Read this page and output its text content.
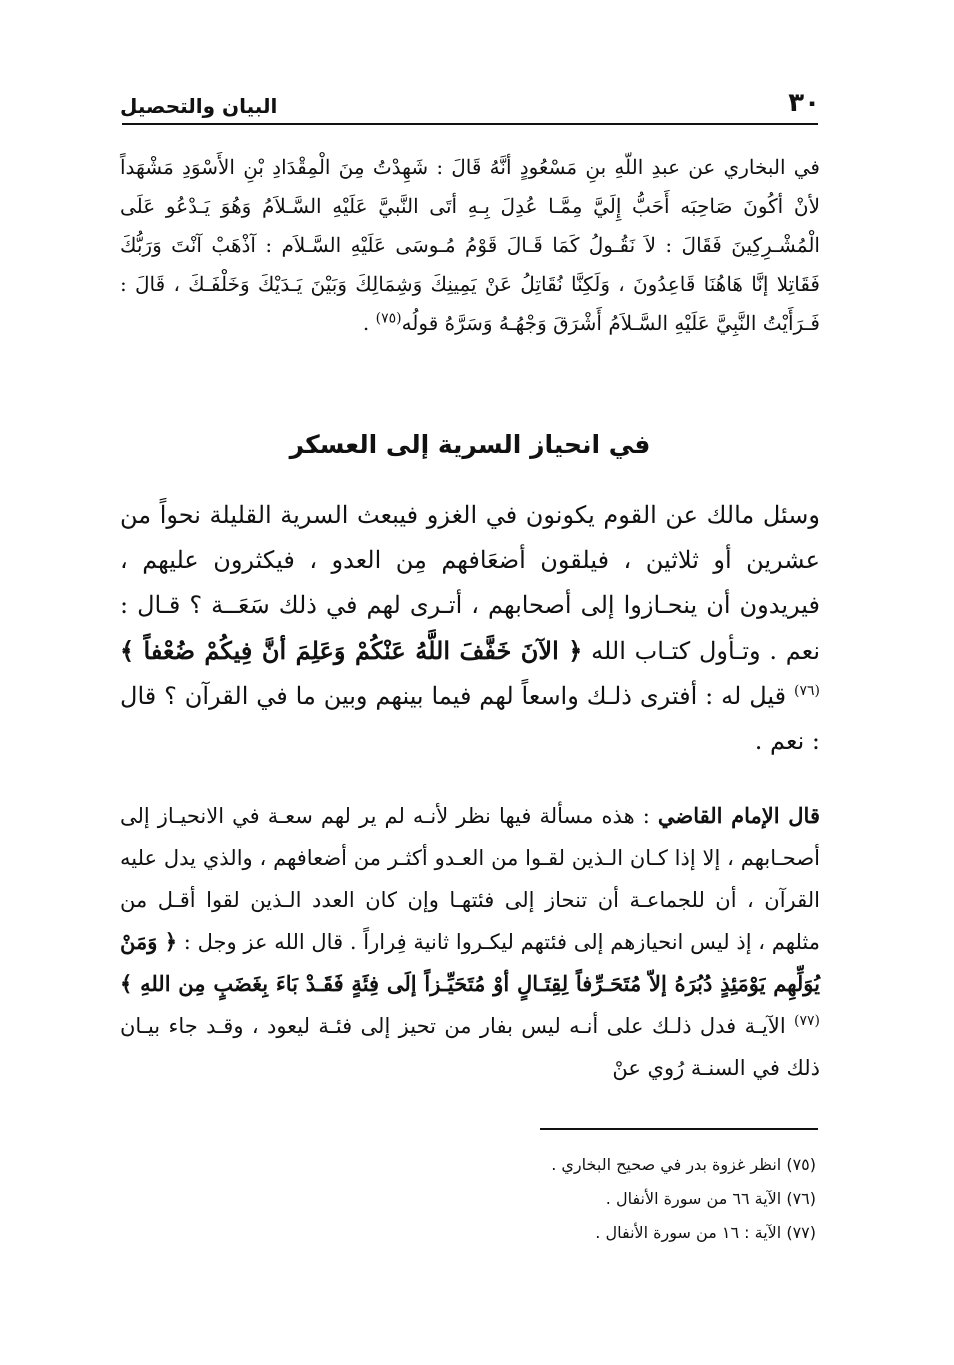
٣٠
البيان والتحصيل
في البخاري عن عبدِ اللّهِ بنِ مَسْعُودٍ أنَّهُ قَالَ : شَهِدْتُ مِنَ الْمِقْدَادِ بْنِ الأَسْوَدِ مَشْهَداً لأنْ أكُونَ صَاحِبَه أَحَبُّ إِلَيَّ مِمَّـا عُدِلَ بِـهِ أتَى النَّبيَّ عَلَيْهِ السَّـلاَمُ وَهُوَ يَـدْعُو عَلَى الْمُشْـرِكِينَ فَقَالَ : لاَ نَقُـولُ كَمَا قَـالَ قَوْمُ مُـوسَى عَلَيْهِ السَّـلاَم : آذْهَبْ آنْتَ وَرَبُّكَ فَقَاتِلا إنَّا هَاهُنَا قَاعِدُونَ ، وَلَكِنَّا نُقَاتِلُ عَنْ يَمِينِكَ وَشِمَالِكَ وَبَيْنَ يَـدَيْكَ وَخَلْفَـكَ ، قَالَ : فَـرَأَيْتُ النَّبِيَّ عَلَيْهِ السَّـلاَمُ أَشْرَقَ وَجْهُـهُ وَسَرَّهُ قولُه$^{(٧٥)}$ .
في انحياز السرية إلى العسكر
وسئل مالك عن القوم يكونون في الغزو فيبعث السرية القليلة نحواً من عشرين أو ثلاثين ، فيلقون أضعَافهم مِن العدو ، فيكثرون عليهم ، فيريدون أن ينحـازوا إلى أصحابهم ، أتـرى لهم في ذلك سَعَــة ؟ قـال : نعم . وتـأول كتـاب الله ﴿ الآنَ خَفَّفَ اللَّهُ عَنْكُمْ وَعَلِمَ أنَّ فِيكُمْ ضُعْفاً ﴾$^{(٧٦)}$ قيل له : أفترى ذلـك واسعاً لهم فيما بينهم وبين ما في القرآن ؟ قال : نعم .
قال الإمام القاضي : هذه مسألة فيها نظر لأنـه لم ير لهم سعـة في الانحيـاز إلى أصحـابهم ، إلا إذا كـان الـذين لقـوا من العـدو أكثـر من أضعافهم ، والذي يدل عليه القرآن ، أن للجماعـة أن تنحاز إلى فئتهـا وإن كان العدد الـذين لقوا أقـل من مثلهم ، إذ ليس انحيازهم إلى فئتهم ليكـروا ثانية فِراراً . قال الله عز وجل : ﴿ وَمَنْ يُوَلِّهِم يَوْمَئِذٍ دُبُرَهُ إلاّ مُتَحَـرِّفاً لِقِتَـالٍ أوْ مُتَحَيِّـزاً إلَى فِئَةٍ فَقَـدْ بَاءَ بِغَضَبٍ مِن اللهِ ﴾$^{(٧٧)}$ الآيـة فدل ذلـك على أنـه ليس بفار من تحيز إلى فئـة ليعود ، وقـد جاء بيـان ذلك في السنـة رُوي عنْ
(٧٥) انظر غزوة بدر في صحيح البخاري .
(٧٦) الآية ٦٦ من سورة الأنفال .
(٧٧) الآية : ١٦ من سورة الأنفال .
